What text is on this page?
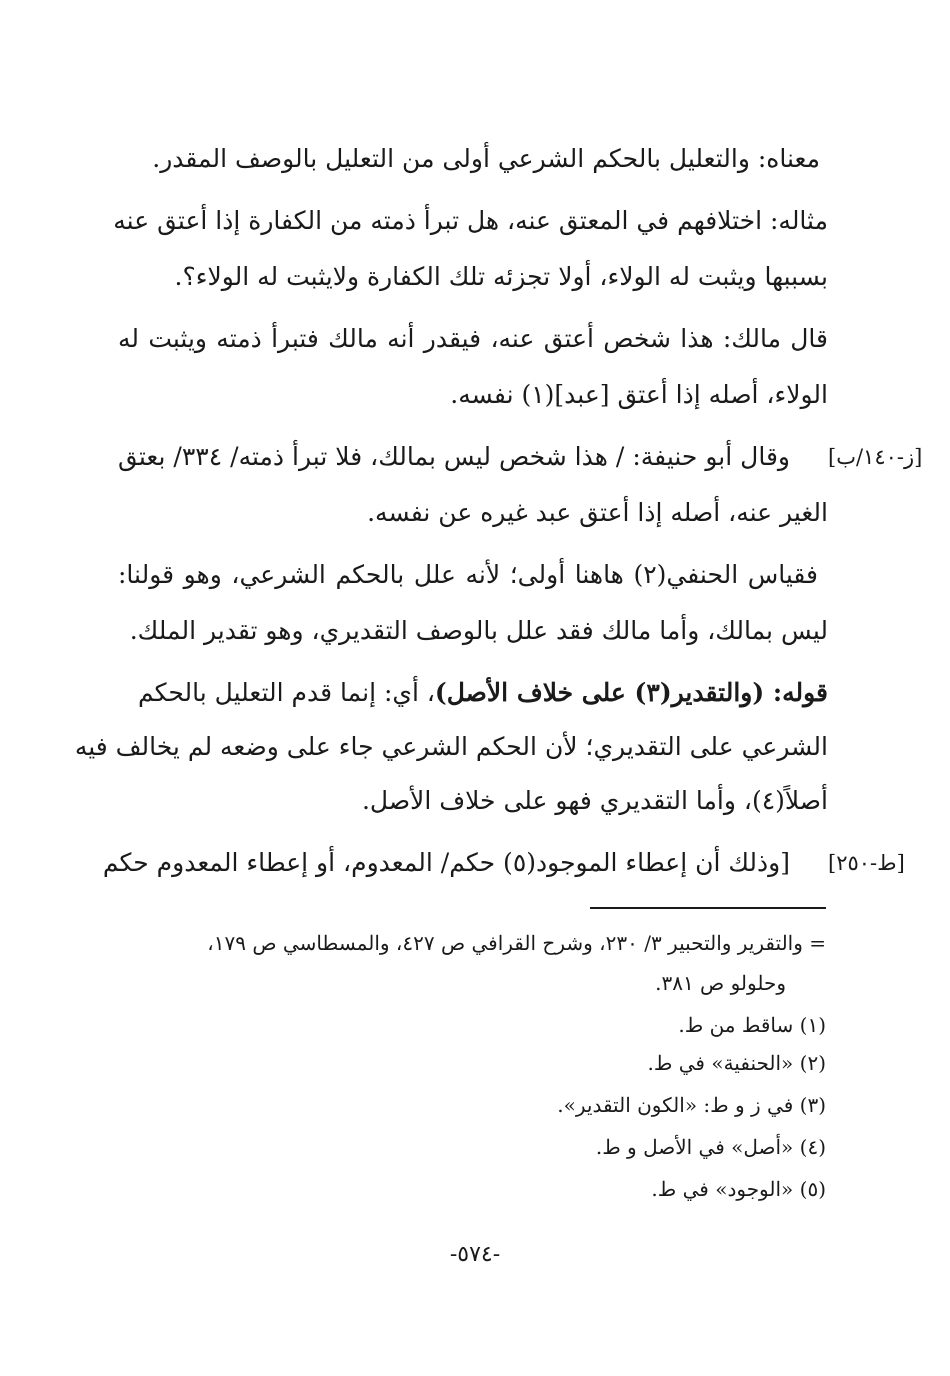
معناه: والتعليل بالحكم الشرعي أولى من التعليل بالوصف المقدر.
مثاله: اختلافهم في المعتق عنه، هل تبرأ ذمته من الكفارة إذا أعتق عنه
بسببها ويثبت له الولاء، أولا تجزئه تلك الكفارة ولايثبت له الولاء؟.
قال مالك: هذا شخص أعتق عنه، فيقدر أنه مالك فتبرأ ذمته ويثبت له
الولاء، أصله إذا أعتق [عبد](١) نفسه.
[ز-١٤٠/ب]
وقال أبو حنيفة: / هذا شخص ليس بمالك، فلا تبرأ ذمته/ ٣٣٤/ بعتق
الغير عنه، أصله إذا أعتق عبد غيره عن نفسه.
فقياس الحنفي(٢) هاهنا أولى؛ لأنه علل بالحكم الشرعي، وهو قولنا:
ليس بمالك، وأما مالك فقد علل بالوصف التقديري، وهو تقدير الملك.
قوله: (والتقدير(٣) على خلاف الأصل)، أي: إنما قدم التعليل بالحكم
الشرعي على التقديري؛ لأن الحكم الشرعي جاء على وضعه لم يخالف فيه
أصلاً(٤)، وأما التقديري فهو على خلاف الأصل.
[ط-٢٥٠]
[وذلك أن إعطاء الموجود(٥) حكم/ المعدوم، أو إعطاء المعدوم حكم
= والتقرير والتحبير ٣/ ٢٣٠، وشرح القرافي ص ٤٢٧، والمسطاسي ص ١٧٩،
وحلولو ص ٣٨١.
(١) ساقط من ط.
(٢) «الحنفية» في ط.
(٣) في ز و ط: «الكون التقدير».
(٤) «أصل» في الأصل و ط.
(٥) «الوجود» في ط.
-٥٧٤-
